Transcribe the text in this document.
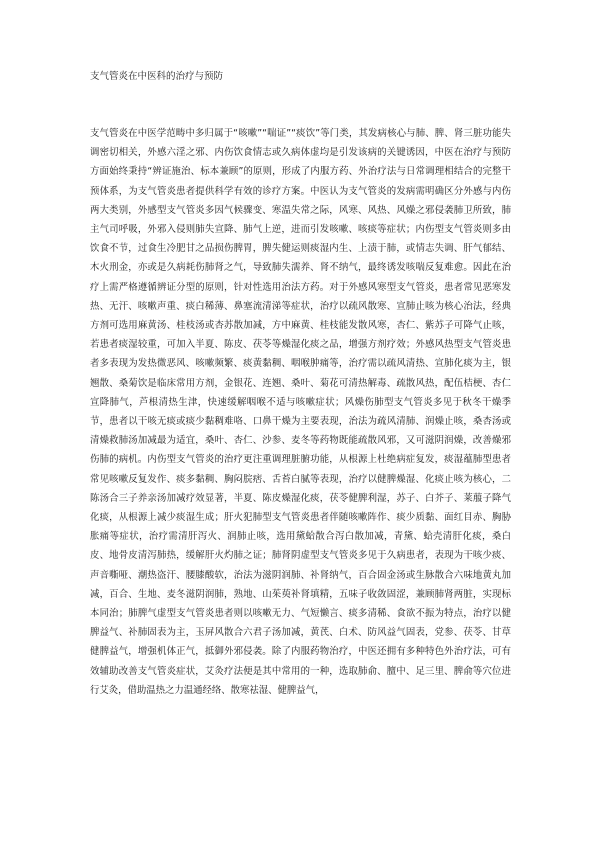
支气管炎在中医科的治疗与预防

支气管炎在中医学范畴中多归属于“咳嗽”“喘证”“痰饮”等门类，其发病核心与肺、脾、肾三脏功能失调密切相关，外感六淫之邪、内伤饮食情志或久病体虚均是引发该病的关键诱因，中医在治疗与预防方面始终秉持“辨证施治、标本兼顾”的原则，形成了内服方药、外治疗法与日常调理相结合的完整干预体系，为支气管炎患者提供科学有效的诊疗方案。中医认为支气管炎的发病需明确区分外感与内伤两大类别，外感型支气管炎多因气候骤变、寒温失常之际，风寒、风热、风燥之邪侵袭肺卫所致，肺主气司呼吸，外邪入侵则肺失宣降、肺气上逆，进而引发咳嗽、咳痰等症状；内伤型支气管炎则多由饮食不节，过食生冷肥甘之品损伤脾胃，脾失健运则痰湿内生、上渍于肺，或情志失调、肝气郁结、木火刑金，亦或是久病耗伤肺肾之气，导致肺失濡养、肾不纳气，最终诱发咳喘反复难愈。因此在治疗上需严格遵循辨证分型的原则，针对性选用治法方药。对于外感风寒型支气管炎，患者常见恶寒发热、无汗、咳嗽声重、痰白稀薄、鼻塞流清涕等症状，治疗以疏风散寒、宣肺止咳为核心治法，经典方剂可选用麻黄汤、桂枝汤或杏苏散加减，方中麻黄、桂枝能发散风寒，杏仁、紫苏子可降气止咳，若患者痰湿较重，可加入半夏、陈皮、茯苓等燥湿化痰之品，增强方剂疗效；外感风热型支气管炎患者多表现为发热微恶风、咳嗽频繁、痰黄黏稠、咽喉肿痛等，治疗需以疏风清热、宣肺化痰为主，银翘散、桑菊饮是临床常用方剂，金银花、连翘、桑叶、菊花可清热解毒、疏散风热，配伍桔梗、杏仁宣降肺气，芦根清热生津，快速缓解咽喉不适与咳嗽症状；风燥伤肺型支气管炎多见于秋冬干燥季节，患者以干咳无痰或痰少黏稠难咯、口鼻干燥为主要表现，治法为疏风清肺、润燥止咳，桑杏汤或清燥救肺汤加减最为适宜，桑叶、杏仁、沙参、麦冬等药物既能疏散风邪，又可滋阴润燥，改善燥邪伤肺的病机。内伤型支气管炎的治疗更注重调理脏腑功能，从根源上杜绝病症复发，痰湿蕴肺型患者常见咳嗽反复发作、痰多黏稠、胸闷脘痞、舌苔白腻等表现，治疗以健脾燥湿、化痰止咳为核心，二陈汤合三子养亲汤加减疗效显著，半夏、陈皮燥湿化痰，茯苓健脾利湿，苏子、白芥子、莱菔子降气化痰，从根源上减少痰湿生成；肝火犯肺型支气管炎患者伴随咳嗽阵作、痰少质黏、面红目赤、胸胁胀痛等症状，治疗需清肝泻火、润肺止咳，选用黛蛤散合泻白散加减，青黛、蛤壳清肝化痰，桑白皮、地骨皮清泻肺热，缓解肝火灼肺之证；肺肾阴虚型支气管炎多见于久病患者，表现为干咳少痰、声音嘶哑、潮热盗汗、腰膝酸软，治法为滋阴润肺、补肾纳气，百合固金汤或生脉散合六味地黄丸加减，百合、生地、麦冬滋阴润肺，熟地、山茱萸补肾填精，五味子收敛固涩，兼顾肺肾两脏，实现标本同治；肺脾气虚型支气管炎患者则以咳嗽无力、气短懒言、痰多清稀、食欲不振为特点，治疗以健脾益气、补肺固表为主，玉屏风散合六君子汤加减，黄芪、白术、防风益气固表，党参、茯苓、甘草健脾益气，增强机体正气，抵御外邪侵袭。除了内服药物治疗，中医还拥有多种特色外治疗法，可有效辅助改善支气管炎症状，艾灸疗法便是其中常用的一种，选取肺俞、膻中、足三里、脾俞等穴位进行艾灸，借助温热之力温通经络、散寒祛湿、健脾益气，
